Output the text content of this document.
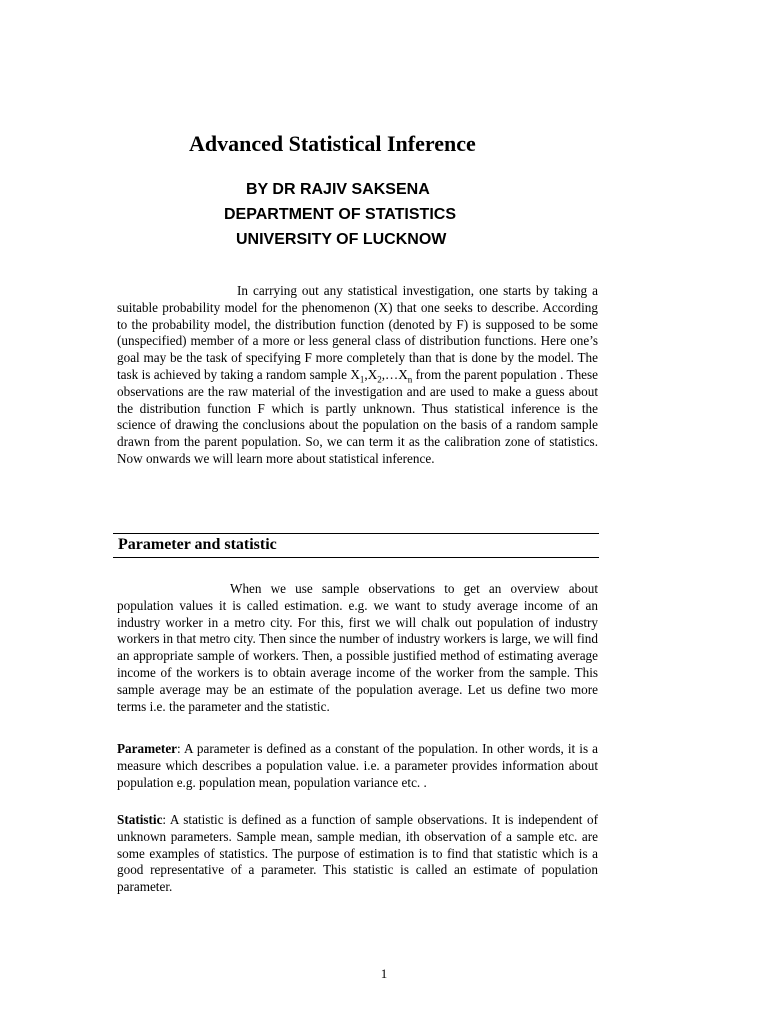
Advanced Statistical Inference
BY DR RAJIV SAKSENA
DEPARTMENT OF STATISTICS
UNIVERSITY OF LUCKNOW

In carrying out any statistical investigation, one starts by taking a suitable probability model for the phenomenon (X) that one seeks to describe. According to the probability model, the distribution function (denoted by F) is supposed to be some (unspecified) member of a more or less general class of distribution functions. Here one’s goal may be the task of specifying F more completely than that is done by the model. The task is achieved by taking a random sample $X_1,X_2,\dots X_n$ from the parent population . These observations are the raw material of the investigation and are used to make a guess about the distribution function F which is partly unknown. Thus statistical inference is the science of drawing the conclusions about the population on the basis of a random sample drawn from the parent population. So, we can term it as the calibration zone of statistics. Now onwards we will learn more about statistical inference.

Parameter and statistic

When we use sample observations to get an overview about population values it is called estimation. e.g. we want to study average income of an industry worker in a metro city. For this, first we will chalk out population of industry workers in that metro city. Then since the number of industry workers is large, we will find an appropriate sample of workers. Then, a possible justified method of estimating average income of the workers is to obtain average income of the worker from the sample. This sample average may be an estimate of the population average. Let us define two more terms i.e. the parameter and the statistic.

Parameter: A parameter is defined as a constant of the population. In other words, it is a measure which describes a population value. i.e. a parameter provides information about population e.g. population mean, population variance etc. .

Statistic: A statistic is defined as a function of sample observations. It is independent of unknown parameters. Sample mean, sample median, ith observation of a sample etc. are some examples of statistics. The purpose of estimation is to find that statistic which is a good representative of a parameter. This statistic is called an estimate of population parameter.

1
